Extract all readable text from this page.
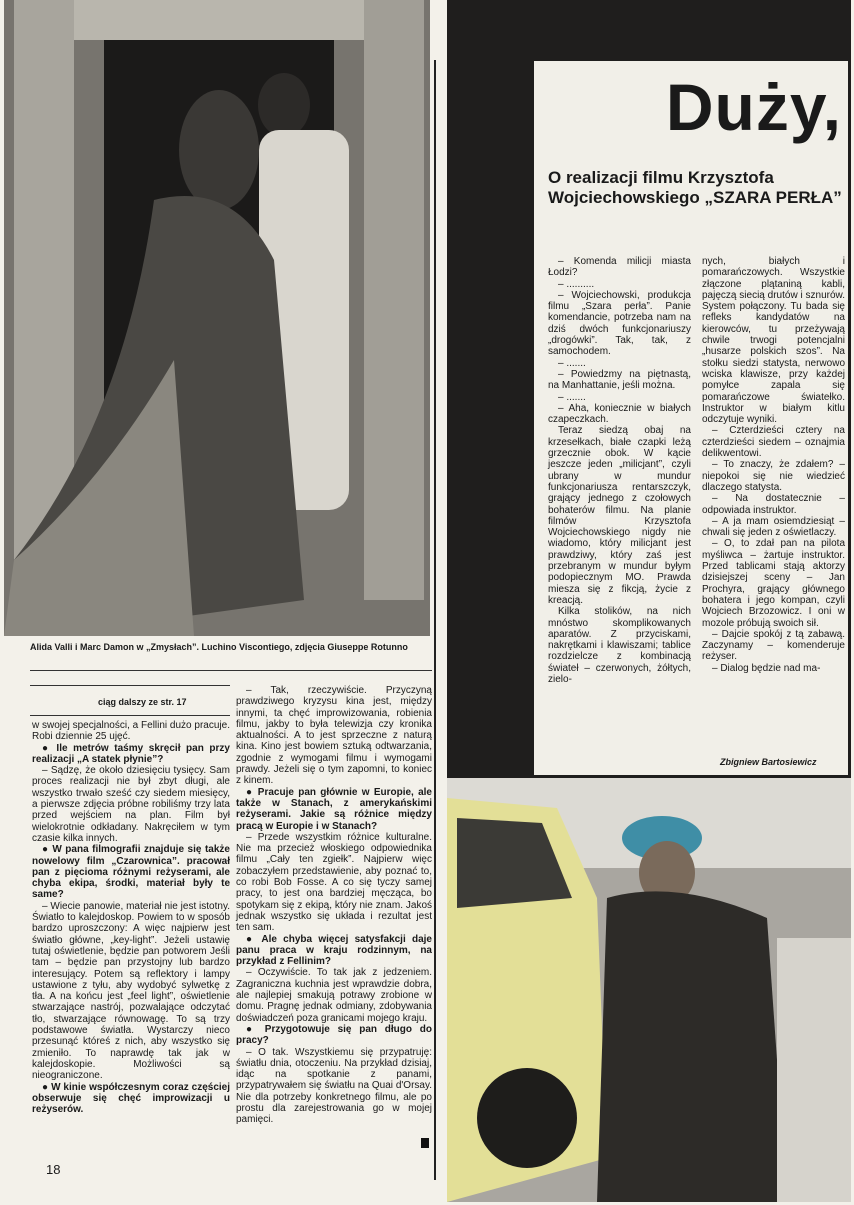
Duży,
O realizacji filmu Krzysztofa Wojciechowskiego „SZARA PERŁA”
Alida Valli i Marc Damon w „Zmysłach”. Luchino Viscontiego, zdjęcia Giuseppe Rotunno
ciąg dalszy ze str. 17

w swojej specjalności, a Fellini dużo pracuje. Robi dziennie 25 ujęć.

● Ile metrów taśmy skręcił pan przy realizacji „A statek płynie”?

– Sądzę, że około dziesięciu tysięcy. Sam proces realizacji nie był zbyt długi, ale wszystko trwało sześć czy siedem miesięcy, a pierwsze zdjęcia próbne robiliśmy trzy lata przed wejściem na plan. Film był wielokrotnie odkładany. Nakręciłem w tym czasie kilka innych.

● W pana filmografii znajduje się także nowelowy film „Czarownica”. pracował pan z pięcioma różnymi reżyserami, ale chyba ekipa, środki, materiał były te same?

– Wiecie panowie, materiał nie jest istotny. Światło to kalejdoskop. Powiem to w sposób bardzo uproszczony: A więc najpierw jest światło główne, „key-light”. Jeżeli ustawię tutaj oświetlenie, będzie pan potworem Jeśli tam – będzie pan przystojny lub bardzo interesujący. Potem są reflektory i lampy ustawione z tyłu, aby wydobyć sylwetkę z tła. A na końcu jest „feel light”, oświetlenie stwarzające nastrój, pozwalające odczytać tło, stwarzające równowagę. To są trzy podstawowe światła. Wystarczy nieco przesunąć któreś z nich, aby wszystko się zmieniło. To naprawdę tak jak w kalejdoskopie. Możliwości są nieograniczone.

● W kinie współczesnym coraz częściej obserwuje się chęć improwizacji u reżyserów.

– Tak, rzeczywiście. Przyczyną prawdziwego kryzysu kina jest, między innymi, ta chęć improwizowania, robienia filmu, jakby to była telewizja czy kronika aktualności. A to jest sprzeczne z naturą kina. Kino jest bowiem sztuką odtwarzania, zgodnie z wymogami filmu i wymogami prawdy. Jeżeli się o tym zapomni, to koniec z kinem.

● Pracuje pan głównie w Europie, ale także w Stanach, z amerykańskimi reżyserami. Jakie są różnice między pracą w Europie i w Stanach?

– Przede wszystkim różnice kulturalne. Nie ma przecież włoskiego odpowiednika filmu „Cały ten zgiełk”. Najpierw więc zobaczyłem przedstawienie, aby poznać to, co robi Bob Fosse. A co się tyczy samej pracy, to jest ona bardziej męcząca, bo spotykam się z ekipą, który nie znam. Jakoś jednak wszystko się układa i rezultat jest ten sam.

● Ale chyba więcej satysfakcji daje panu praca w kraju rodzinnym, na przykład z Fellinim?

– Oczywiście. To tak jak z jedzeniem. Zagraniczna kuchnia jest wprawdzie dobra, ale najlepiej smakują potrawy zrobione w domu. Pragnę jednak odmiany, zdobywania doświadczeń poza granicami mojego kraju.

● Przygotowuje się pan długo do pracy?

– O tak. Wszystkiemu się przypatruję: światłu dnia, otoczeniu. Na przykład dzisiaj, idąc na spotkanie z panami, przypatrywałem się światłu na Quai d'Orsay. Nie dla potrzeby konkretnego filmu, ale po prostu dla zarejestrowania go w mojej pamięci.

18

– Komenda milicji miasta Łodzi?

– ..........

– Wojciechowski, produkcja filmu „Szara perła”. Panie komendancie, potrzeba nam na dziś dwóch funkcjonariuszy „drogówki”. Tak, tak, z samochodem.

– .......

– Powiedzmy na piętnastą, na Manhattanie, jeśli można.

– .......

– Aha, koniecznie w białych czapeczkach.

Teraz siedzą obaj na krzesełkach, białe czapki leżą grzecznie obok. W kącie jeszcze jeden „milicjant”, czyli ubrany w mundur funkcjonariusza rentarszczyk, grający jednego z czołowych bohaterów filmu. Na planie filmów Krzysztofa Wojciechowskiego nigdy nie wiadomo, który milicjant jest prawdziwy, który zaś jest przebranym w mundur byłym podopiecznym MO. Prawda miesza się z fikcją, życie z kreacją.

Kilka stolików, na nich mnóstwo skomplikowanych aparatów. Z przyciskami, nakrętkami i klawiszami; tablice rozdzielcze z kombinacją świateł – czerwonych, żółtych, zielo-

nych, białych i pomarańczowych. Wszystkie złączone plątaniną kabli, pajęczą siecią drutów i sznurów. System połączony. Tu bada się refleks kandydatów na kierowców, tu przeżywają chwile trwogi potencjalni „husarze polskich szos”. Na stołku siedzi statysta, nerwowo wciska klawisze, przy każdej pomyłce zapala się pomarańczowe światełko. Instruktor w białym kitlu odczytuje wyniki.

– Czterdzieści cztery na czterdzieści siedem – oznajmia delikwentowi.

– To znaczy, że zdałem? – niepokoi się nie wiedzieć dlaczego statysta.

– Na dostatecznie – odpowiada instruktor.

– A ja mam osiemdziesiąt – chwali się jeden z oświetlaczy.

– O, to zdał pan na pilota myśliwca – żartuje instruktor. Przed tablicami stają aktorzy dzisiejszej sceny – Jan Prochyra, grający głównego bohatera i jego kompan, czyli Wojciech Brzozowicz. I oni w mozole próbują swoich sił.

– Dajcie spokój z tą zabawą. Zaczynamy – komenderuje reżyser.

– Dialog będzie nad ma-

Zbigniew Bartosiewicz
